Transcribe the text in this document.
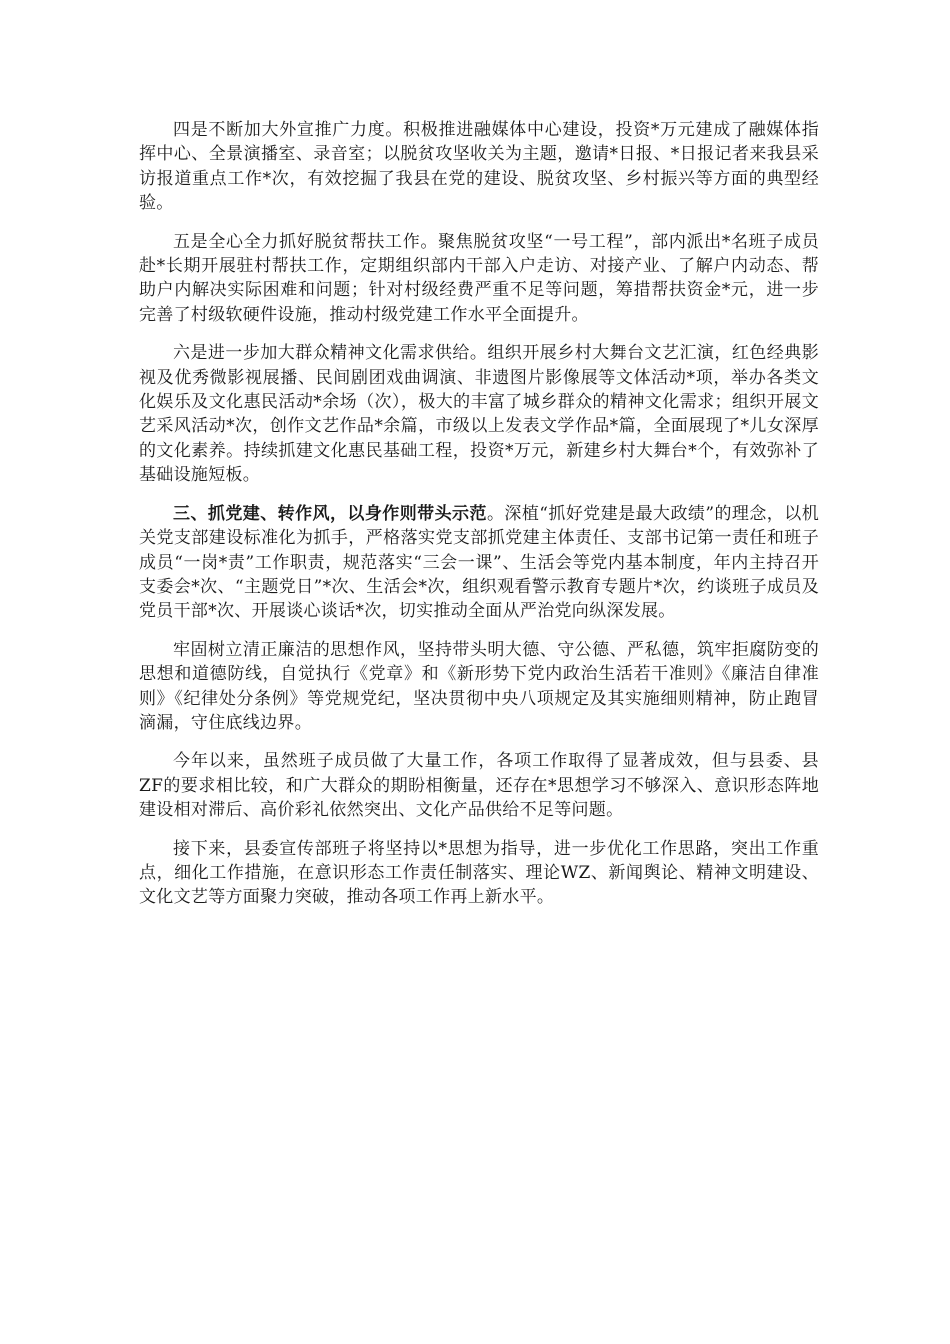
四是不断加大外宣推广力度。积极推进融媒体中心建设，投资*万元建成了融媒体指挥中心、全景演播室、录音室；以脱贫攻坚收关为主题，邀请*日报、*日报记者来我县采访报道重点工作*次，有效挖掘了我县在党的建设、脱贫攻坚、乡村振兴等方面的典型经验。

五是全心全力抓好脱贫帮扶工作。聚焦脱贫攻坚“一号工程”，部内派出*名班子成员赴*长期开展驻村帮扶工作，定期组织部内干部入户走访、对接产业、了解户内动态、帮助户内解决实际困难和问题；针对村级经费严重不足等问题，筹措帮扶资金*元，进一步完善了村级软硬件设施，推动村级党建工作水平全面提升。

六是进一步加大群众精神文化需求供给。组织开展乡村大舞台文艺汇演，红色经典影视及优秀微影视展播、民间剧团戏曲调演、非遗图片影像展等文体活动*项，举办各类文化娱乐及文化惠民活动*余场（次），极大的丰富了城乡群众的精神文化需求；组织开展文艺采风活动*次，创作文艺作品*余篇，市级以上发表文学作品*篇，全面展现了*儿女深厚的文化素养。持续抓建文化惠民基础工程，投资*万元，新建乡村大舞台*个，有效弥补了基础设施短板。

三、抓党建、转作风，以身作则带头示范。深植“抓好党建是最大政绩”的理念，以机关党支部建设标准化为抓手，严格落实党支部抓党建主体责任、支部书记第一责任和班子成员“一岗*责”工作职责，规范落实“三会一课”、生活会等党内基本制度，年内主持召开支委会*次、“主题党日”*次、生活会*次，组织观看警示教育专题片*次，约谈班子成员及党员干部*次、开展谈心谈话*次，切实推动全面从严治党向纵深发展。

牢固树立清正廉洁的思想作风，坚持带头明大德、守公德、严私德，筑牢拒腐防变的思想和道德防线，自觉执行《党章》和《新形势下党内政治生活若干准则》《廉洁自律准则》《纪律处分条例》等党规党纪，坚决贯彻中央八项规定及其实施细则精神，防止跑冒滴漏，守住底线边界。

今年以来，虽然班子成员做了大量工作，各项工作取得了显著成效，但与县委、县ZF的要求相比较，和广大群众的期盼相衡量，还存在*思想学习不够深入、意识形态阵地建设相对滞后、高价彩礼依然突出、文化产品供给不足等问题。

接下来，县委宣传部班子将坚持以*思想为指导，进一步优化工作思路，突出工作重点，细化工作措施，在意识形态工作责任制落实、理论WZ、新闻舆论、精神文明建设、文化文艺等方面聚力突破，推动各项工作再上新水平。
